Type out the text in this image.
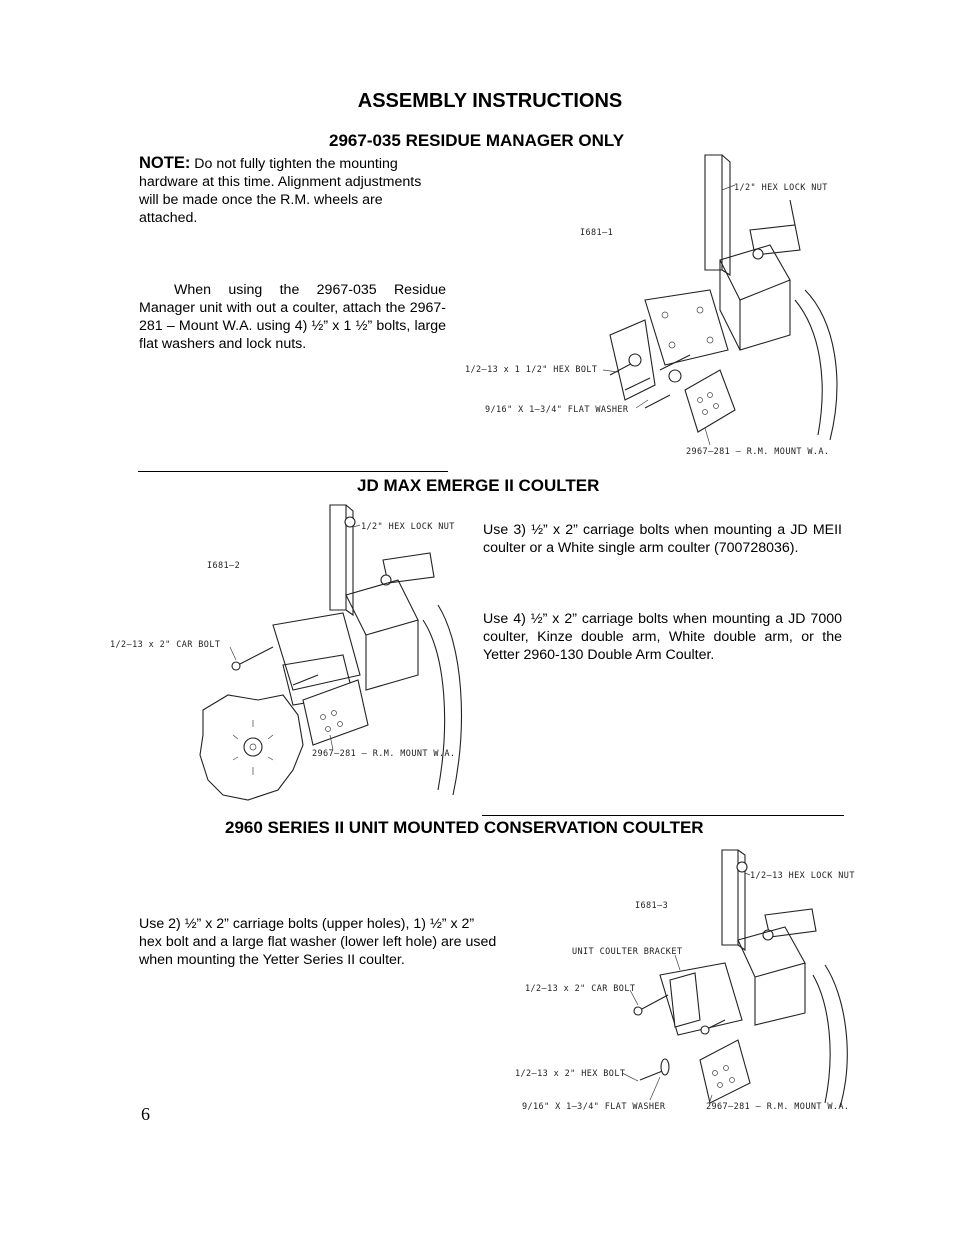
ASSEMBLY INSTRUCTIONS
2967-035 RESIDUE MANAGER ONLY
NOTE: Do not fully tighten the mounting hardware at this time. Alignment adjustments will be made once the R.M. wheels are attached.
When using the 2967-035 Residue Manager unit with out a coulter, attach the 2967-281 – Mount W.A. using 4) ½” x 1 ½” bolts, large flat washers and lock nuts.
1/2" HEX LOCK NUT
I681–1
1/2–13 x 1 1/2" HEX BOLT
9/16" X 1–3/4" FLAT WASHER
2967–281 – R.M. MOUNT W.A.
JD MAX EMERGE II COULTER
Use 3) ½” x 2” carriage bolts when mounting a JD MEII coulter or a White single arm coulter (700728036).
Use 4) ½” x 2” carriage bolts when mounting a JD 7000 coulter, Kinze double arm, White double arm, or the Yetter 2960-130 Double Arm Coulter.
1/2" HEX LOCK NUT
I681–2
1/2–13 x 2" CAR BOLT
2967–281 – R.M. MOUNT W.A.
2960 SERIES II UNIT MOUNTED CONSERVATION COULTER
Use 2) ½” x 2” carriage bolts (upper holes), 1) ½” x 2” hex bolt and a large flat washer (lower left hole) are used when mounting the Yetter Series II coulter.
1/2–13 HEX LOCK NUT
I681–3
UNIT COULTER BRACKET
1/2–13 x 2" CAR BOLT
1/2–13 x 2" HEX BOLT
9/16" X 1–3/4" FLAT WASHER	2967–281 – R.M. MOUNT W.A.
6
